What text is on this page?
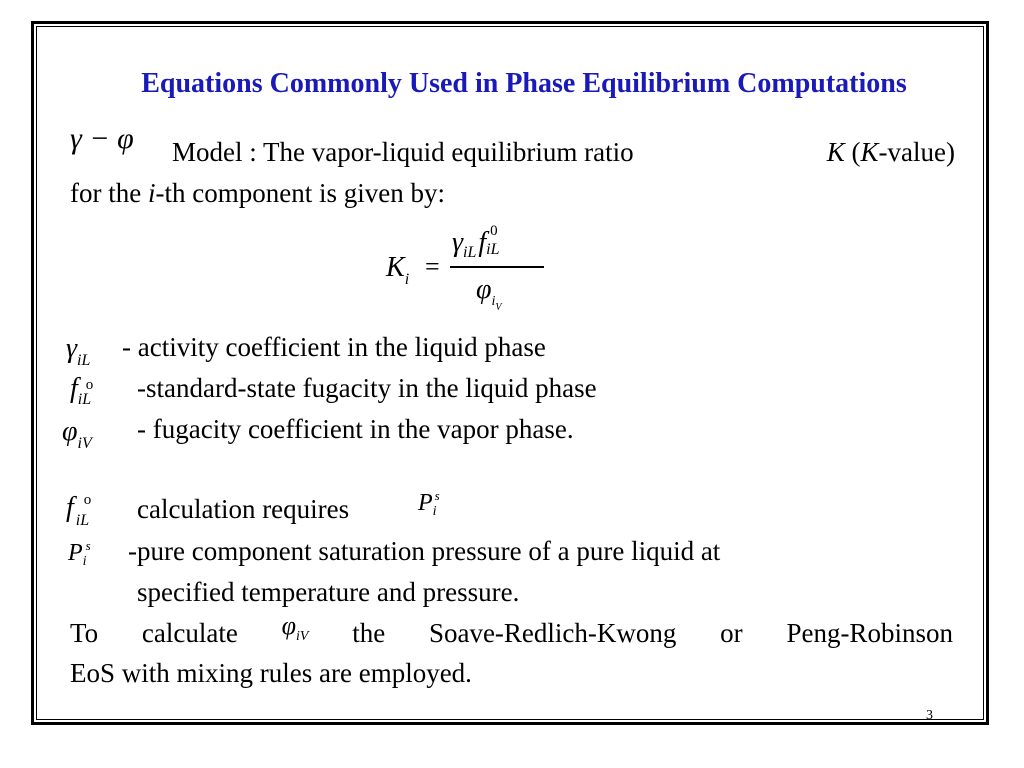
Equations Commonly Used in Phase Equilibrium Computations
γ − φ Model : The vapor-liquid equilibrium ratio	K (K-value)
for the i-th component is given by:
Ki =
γiLf 0
iL
$\varphi i_V$
γiL - activity coefficient in the liquid phase
f o
iL -standard-state fugacity in the liquid phase
φiV - fugacity coefficient in the vapor phase.
f o
iL calculation requires	P s
i
P s
i -pure component saturation pressure of a pure liquid at
specified temperature and pressure.
To calculate $\varphi_{iV}$ the Soave-Redlich-Kwong or Peng-Robinson
EoS with mixing rules are employed.
3
